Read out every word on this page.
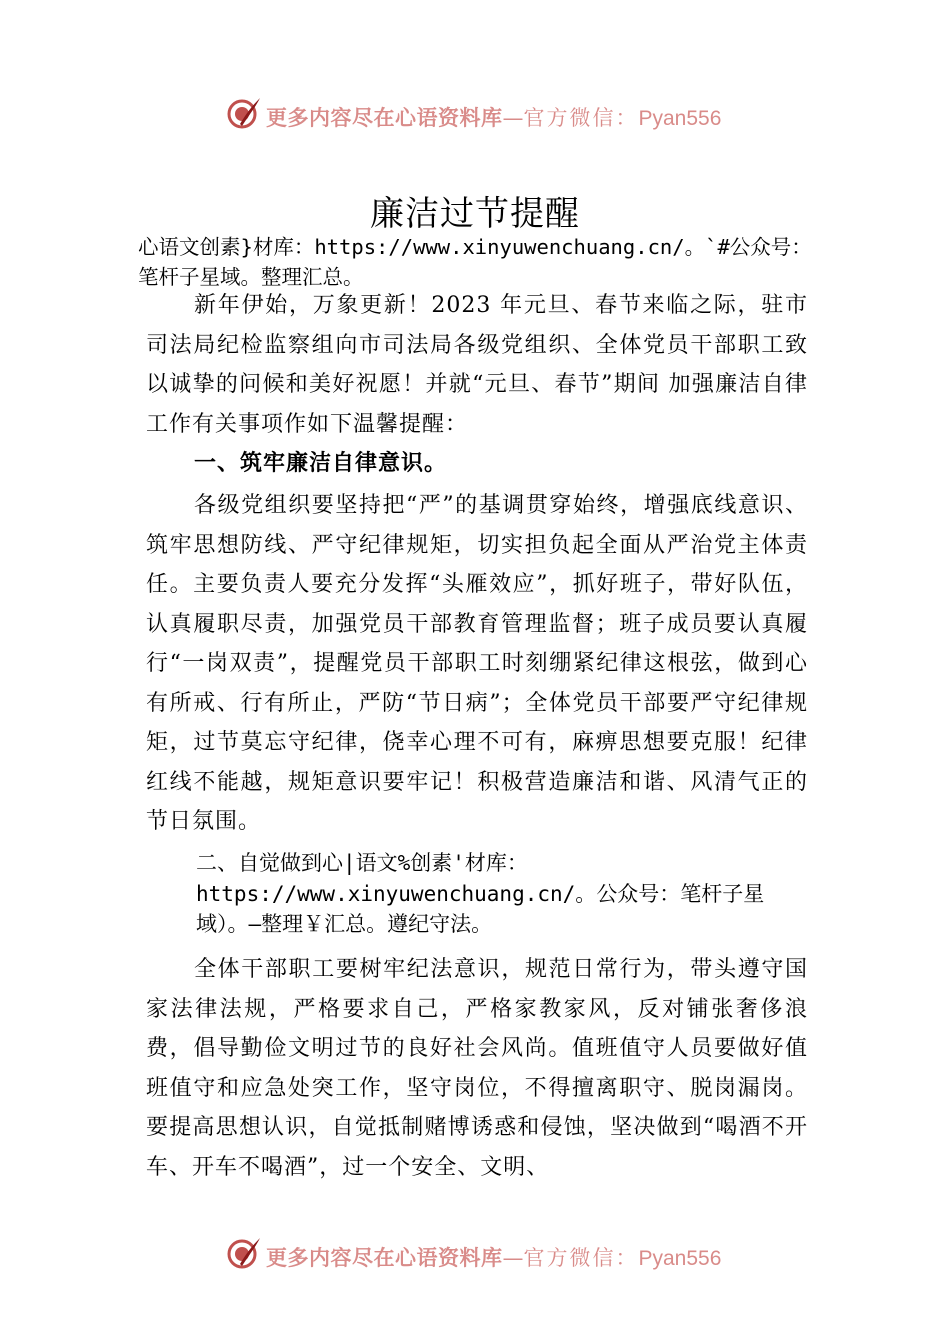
更多内容尽在心语资料库—官方微信：Pyan556
廉洁过节提醒
心语文创素}材库：https://www.xinyuwenchuang.cn/。`#公众号：笔杆子星域。整理汇总。
新年伊始，万象更新！2023 年元旦、春节来临之际，驻市司法局纪检监察组向市司法局各级党组织、全体党员干部职工致以诚挚的问候和美好祝愿！并就“元旦、春节”期间 加强廉洁自律工作有关事项作如下温馨提醒：
一、筑牢廉洁自律意识。
各级党组织要坚持把“严”的基调贯穿始终，增强底线意识、筑牢思想防线、严守纪律规矩，切实担负起全面从严治党主体责任。主要负责人要充分发挥“头雁效应”，抓好班子，带好队伍，认真履职尽责，加强党员干部教育管理监督；班子成员要认真履行“一岗双责”，提醒党员干部职工时刻绷紧纪律这根弦，做到心有所戒、行有所止，严防“节日病”；全体党员干部要严守纪律规矩，过节莫忘守纪律，侥幸心理不可有，麻痹思想要克服！纪律红线不能越，规矩意识要牢记！积极营造廉洁和谐、风清气正的节日氛围。
二、自觉做到心|语文%创素'材库：https://www.xinyuwenchuang.cn/。公众号：笔杆子星域）。—整理￥汇总。遵纪守法。
全体干部职工要树牢纪法意识，规范日常行为，带头遵守国家法律法规，严格要求自己，严格家教家风，反对铺张奢侈浪费，倡导勤俭文明过节的良好社会风尚。值班值守人员要做好值班值守和应急处突工作，坚守岗位，不得擅离职守、脱岗漏岗。要提高思想认识，自觉抵制赌博诱惑和侵蚀，坚决做到“喝酒不开车、开车不喝酒”，过一个安全、文明、
更多内容尽在心语资料库—官方微信：Pyan556
